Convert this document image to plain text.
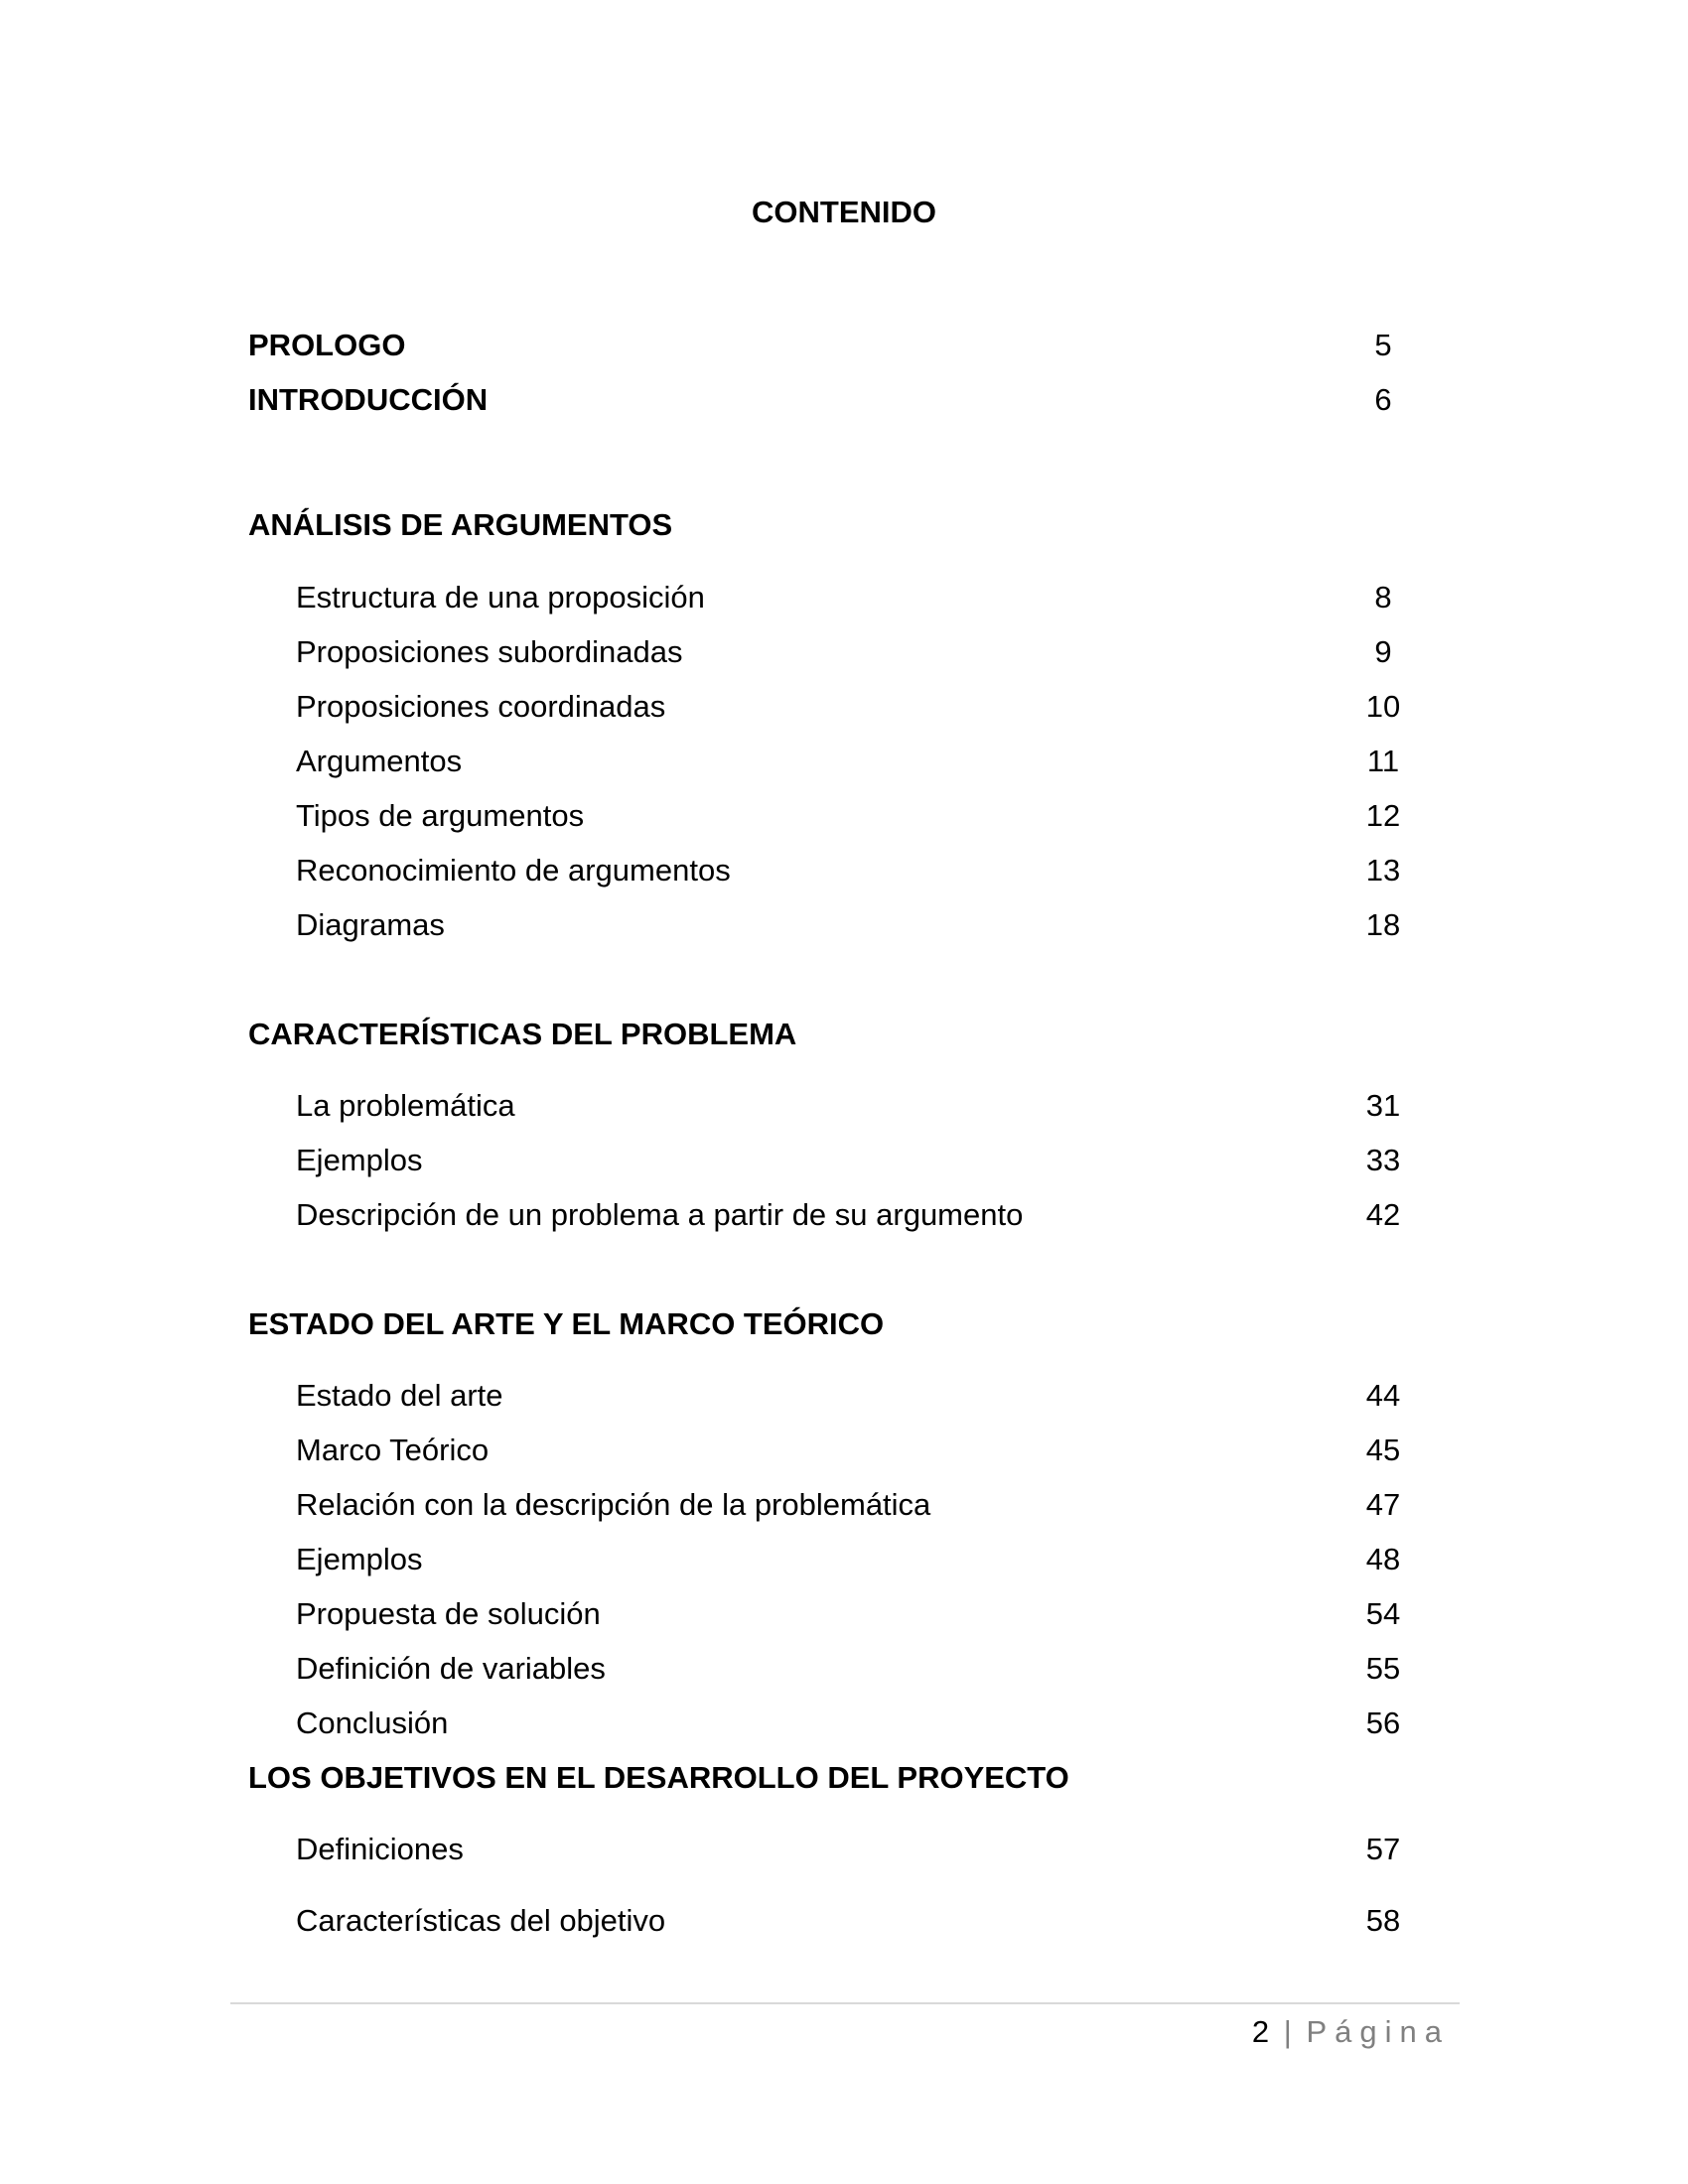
CONTENIDO
PROLOGO	5
INTRODUCCIÓN	6
ANÁLISIS DE ARGUMENTOS
Estructura de una proposición	8
Proposiciones subordinadas	9
Proposiciones coordinadas	10
Argumentos	11
Tipos de argumentos	12
Reconocimiento de argumentos	13
Diagramas	18
CARACTERÍSTICAS DEL PROBLEMA
La problemática	31
Ejemplos	33
Descripción de un problema a partir de su argumento	42
ESTADO DEL ARTE Y EL MARCO TEÓRICO
Estado del arte	44
Marco Teórico	45
Relación con la descripción de la problemática	47
Ejemplos	48
Propuesta de solución	54
Definición de variables	55
Conclusión	56
LOS OBJETIVOS EN EL DESARROLLO DEL PROYECTO
Definiciones	57
Características del objetivo	58
2 | Página
